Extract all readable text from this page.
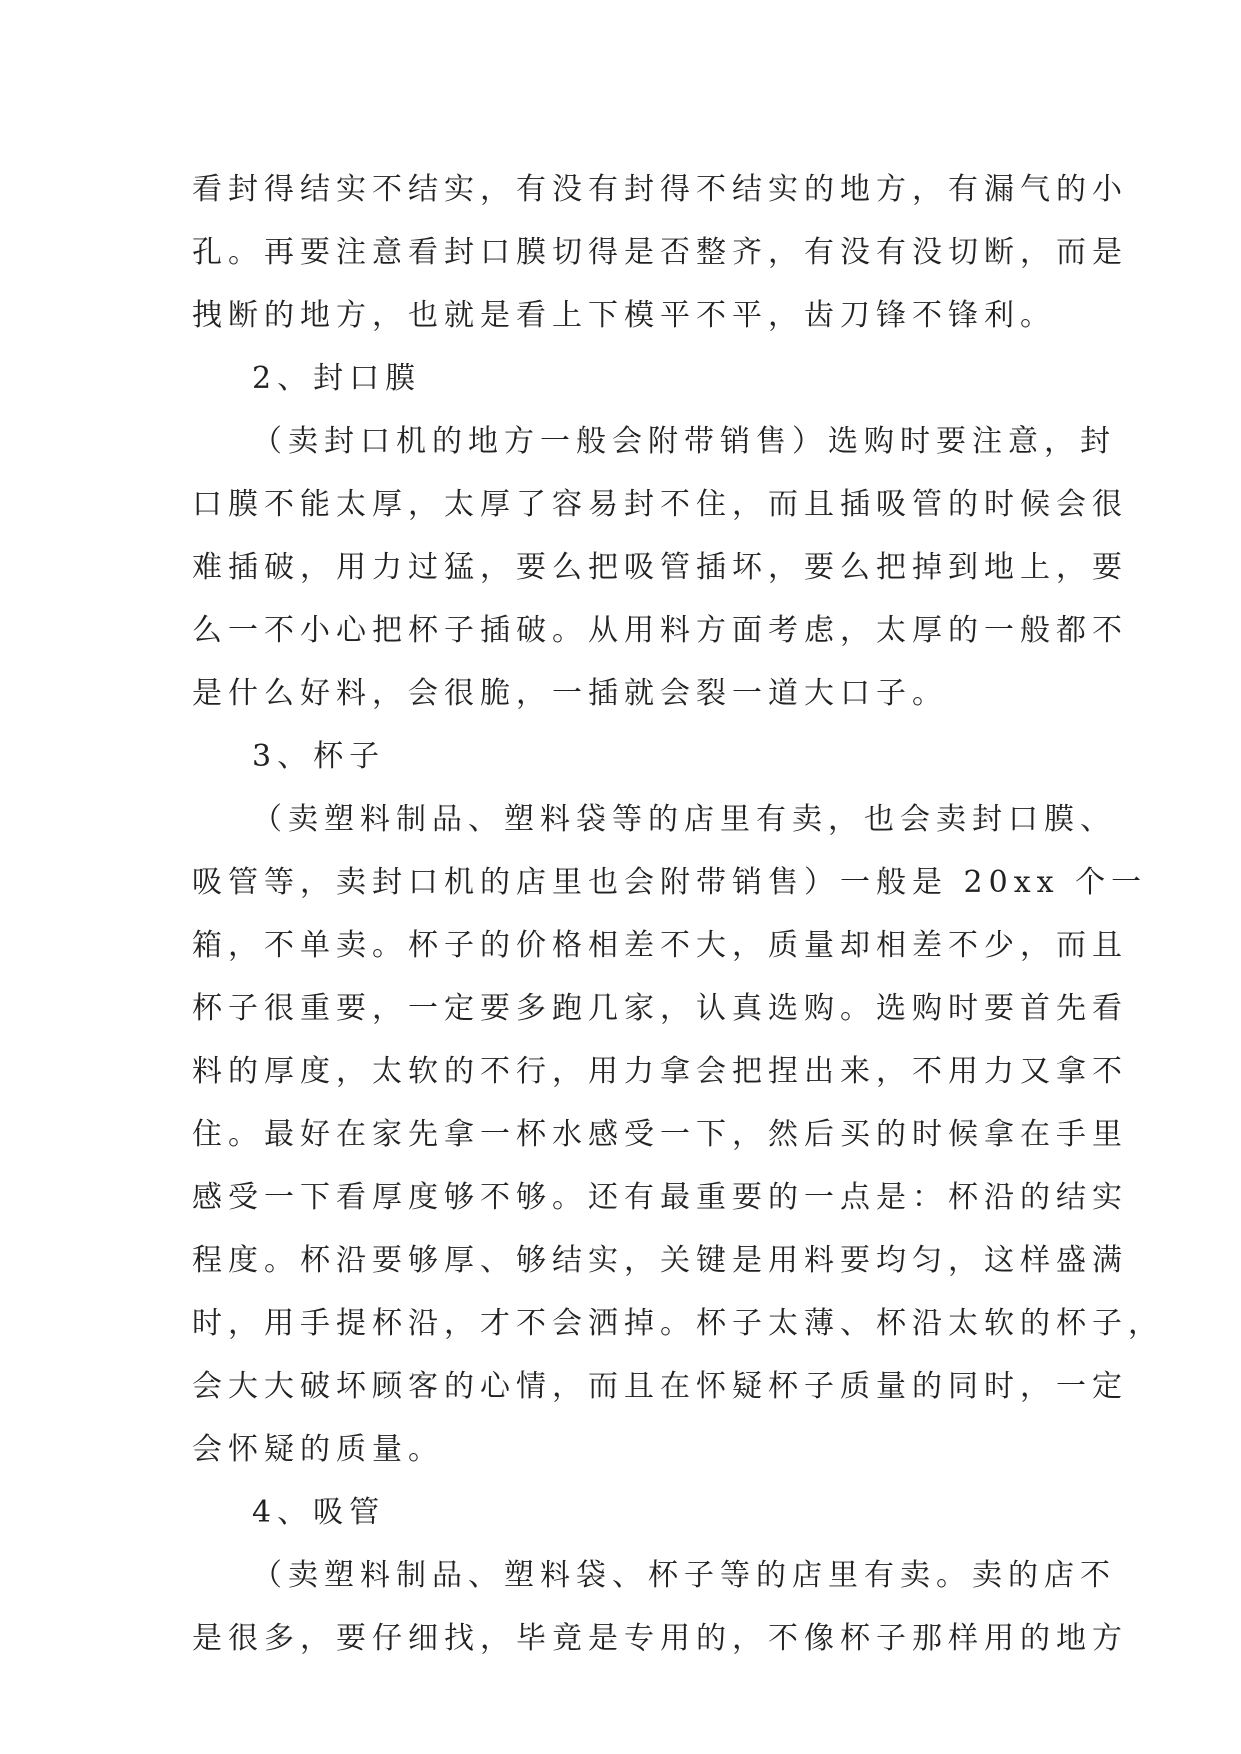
看封得结实不结实，有没有封得不结实的地方，有漏气的小
孔。再要注意看封口膜切得是否整齐，有没有没切断，而是
拽断的地方，也就是看上下模平不平，齿刀锋不锋利。
2、封口膜
（卖封口机的地方一般会附带销售）选购时要注意，封
口膜不能太厚，太厚了容易封不住，而且插吸管的时候会很
难插破，用力过猛，要么把吸管插坏，要么把掉到地上，要
么一不小心把杯子插破。从用料方面考虑，太厚的一般都不
是什么好料，会很脆，一插就会裂一道大口子。
3、杯子
（卖塑料制品、塑料袋等的店里有卖，也会卖封口膜、
吸管等，卖封口机的店里也会附带销售）一般是 20xx 个一
箱，不单卖。杯子的价格相差不大，质量却相差不少，而且
杯子很重要，一定要多跑几家，认真选购。选购时要首先看
料的厚度，太软的不行，用力拿会把捏出来，不用力又拿不
住。最好在家先拿一杯水感受一下，然后买的时候拿在手里
感受一下看厚度够不够。还有最重要的一点是：杯沿的结实
程度。杯沿要够厚、够结实，关键是用料要均匀，这样盛满
时，用手提杯沿，才不会洒掉。杯子太薄、杯沿太软的杯子，
会大大破坏顾客的心情，而且在怀疑杯子质量的同时，一定
会怀疑的质量。
4、吸管
（卖塑料制品、塑料袋、杯子等的店里有卖。卖的店不
是很多，要仔细找，毕竟是专用的，不像杯子那样用的地方
